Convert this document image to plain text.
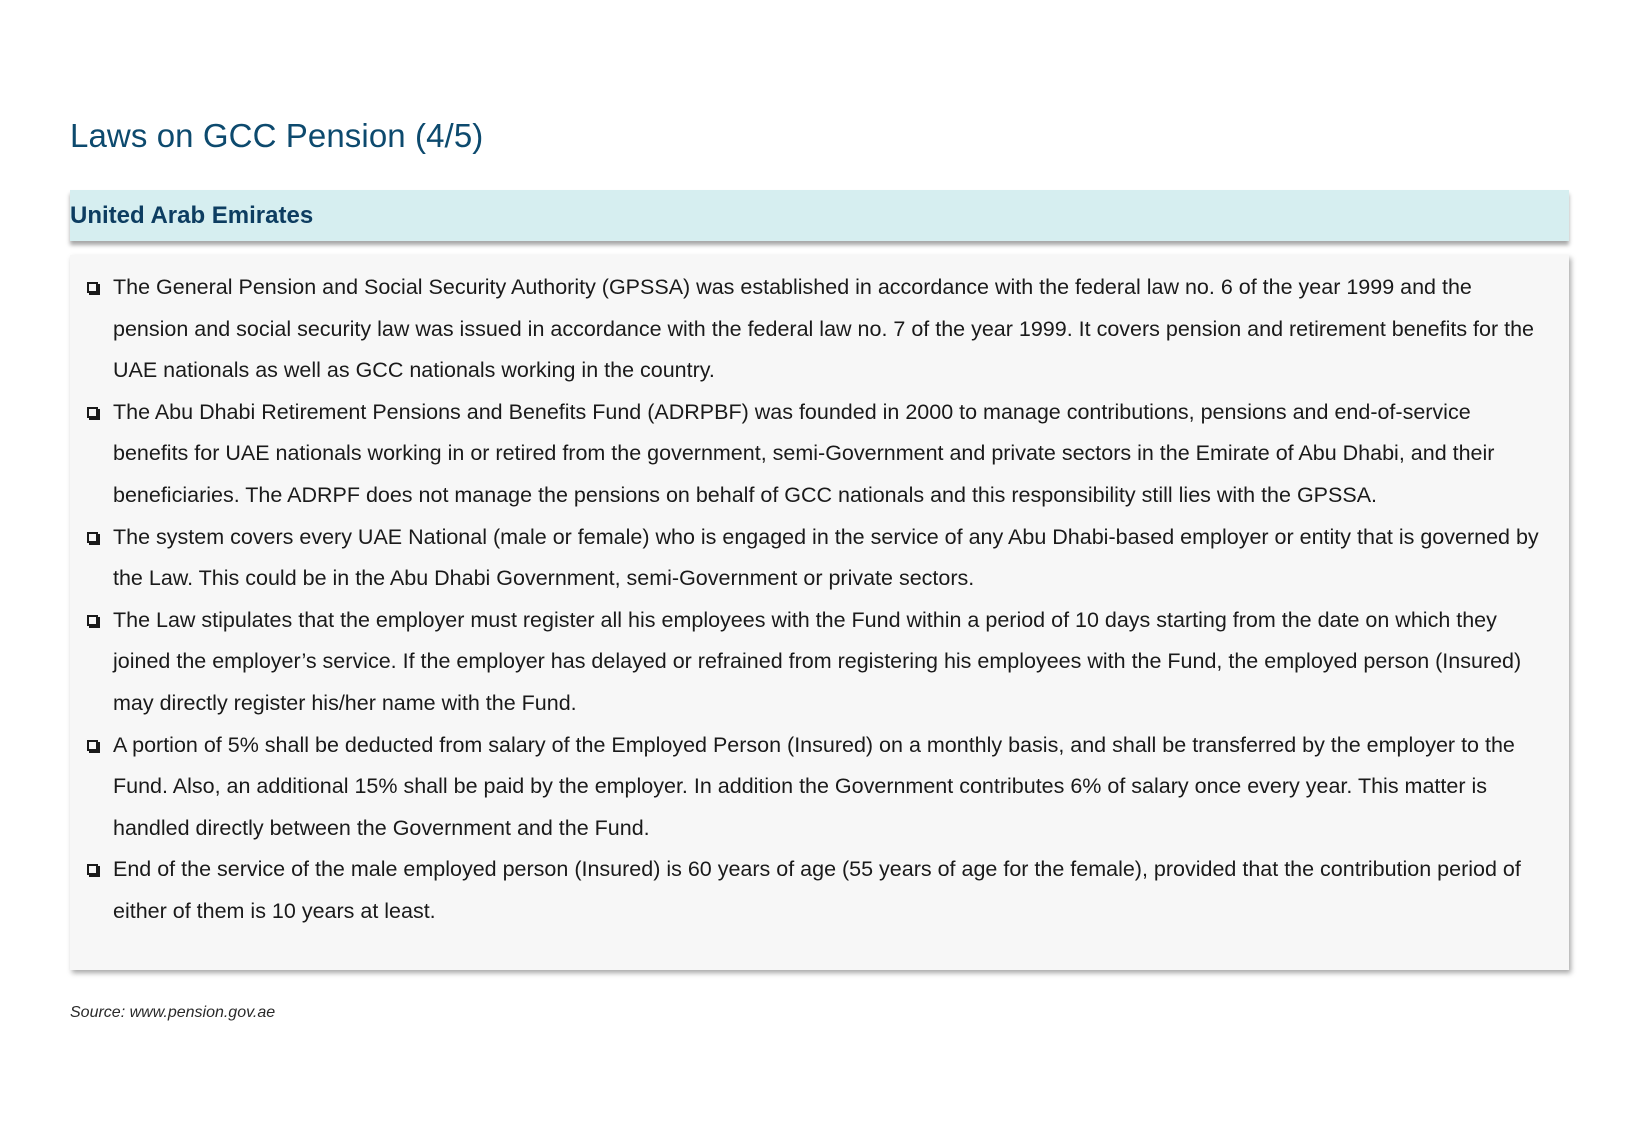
Laws on GCC Pension (4/5)
United Arab Emirates
The General Pension and Social Security Authority (GPSSA) was established in accordance with the federal law no. 6 of the year 1999 and the pension and social security law was issued in accordance with the federal law no. 7 of the year 1999. It covers pension and retirement benefits for the UAE nationals as well as GCC nationals working in the country.
The Abu Dhabi Retirement Pensions and Benefits Fund (ADRPBF) was founded in 2000 to manage contributions, pensions and end-of-service benefits for UAE nationals working in or retired from the government, semi-Government and private sectors in the Emirate of Abu Dhabi, and their beneficiaries. The ADRPF does not manage the pensions on behalf of GCC nationals and this responsibility still lies with the GPSSA.
The system covers every UAE National (male or female) who is engaged in the service of any Abu Dhabi-based employer or entity that is governed by the Law. This could be in the Abu Dhabi Government, semi-Government or private sectors.
The Law stipulates that the employer must register all his employees with the Fund within a period of 10 days starting from the date on which they joined the employer’s service. If the employer has delayed or refrained from registering his employees with the Fund, the employed person (Insured) may directly register his/her name with the Fund.
A portion of 5% shall be deducted from salary of the Employed Person (Insured) on a monthly basis, and shall be transferred by the employer to the Fund. Also, an additional 15% shall be paid by the employer. In addition the Government contributes 6% of salary once every year. This matter is handled directly between the Government and the Fund.
End of the service of the male employed person (Insured) is 60 years of age (55 years of age for the female), provided that the contribution period of either of them is 10 years at least.
Source: www.pension.gov.ae
